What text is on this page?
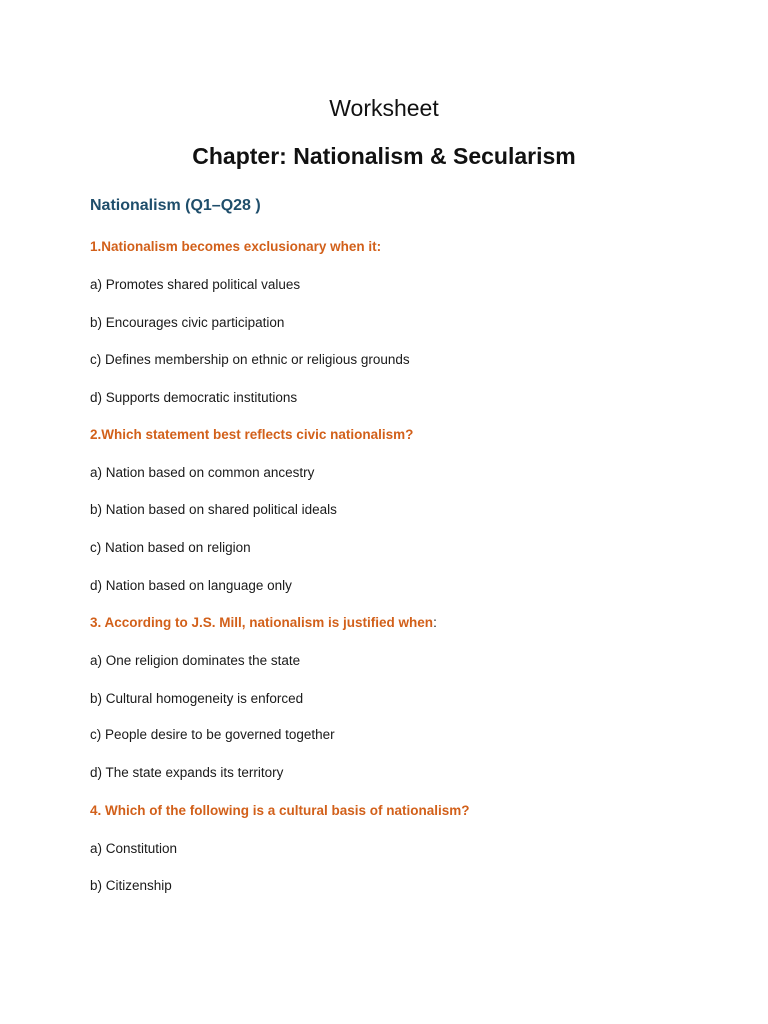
Worksheet
Chapter: Nationalism & Secularism
Nationalism (Q1–Q28 )
1.Nationalism becomes exclusionary when it:
a) Promotes shared political values
b) Encourages civic participation
c) Defines membership on ethnic or religious grounds
d) Supports democratic institutions
2.Which statement best reflects civic nationalism?
a) Nation based on common ancestry
b) Nation based on shared political ideals
c) Nation based on religion
d) Nation based on language only
3. According to J.S. Mill, nationalism is justified when:
a) One religion dominates the state
b) Cultural homogeneity is enforced
c) People desire to be governed together
d) The state expands its territory
4. Which of the following is a cultural basis of nationalism?
a) Constitution
b) Citizenship
